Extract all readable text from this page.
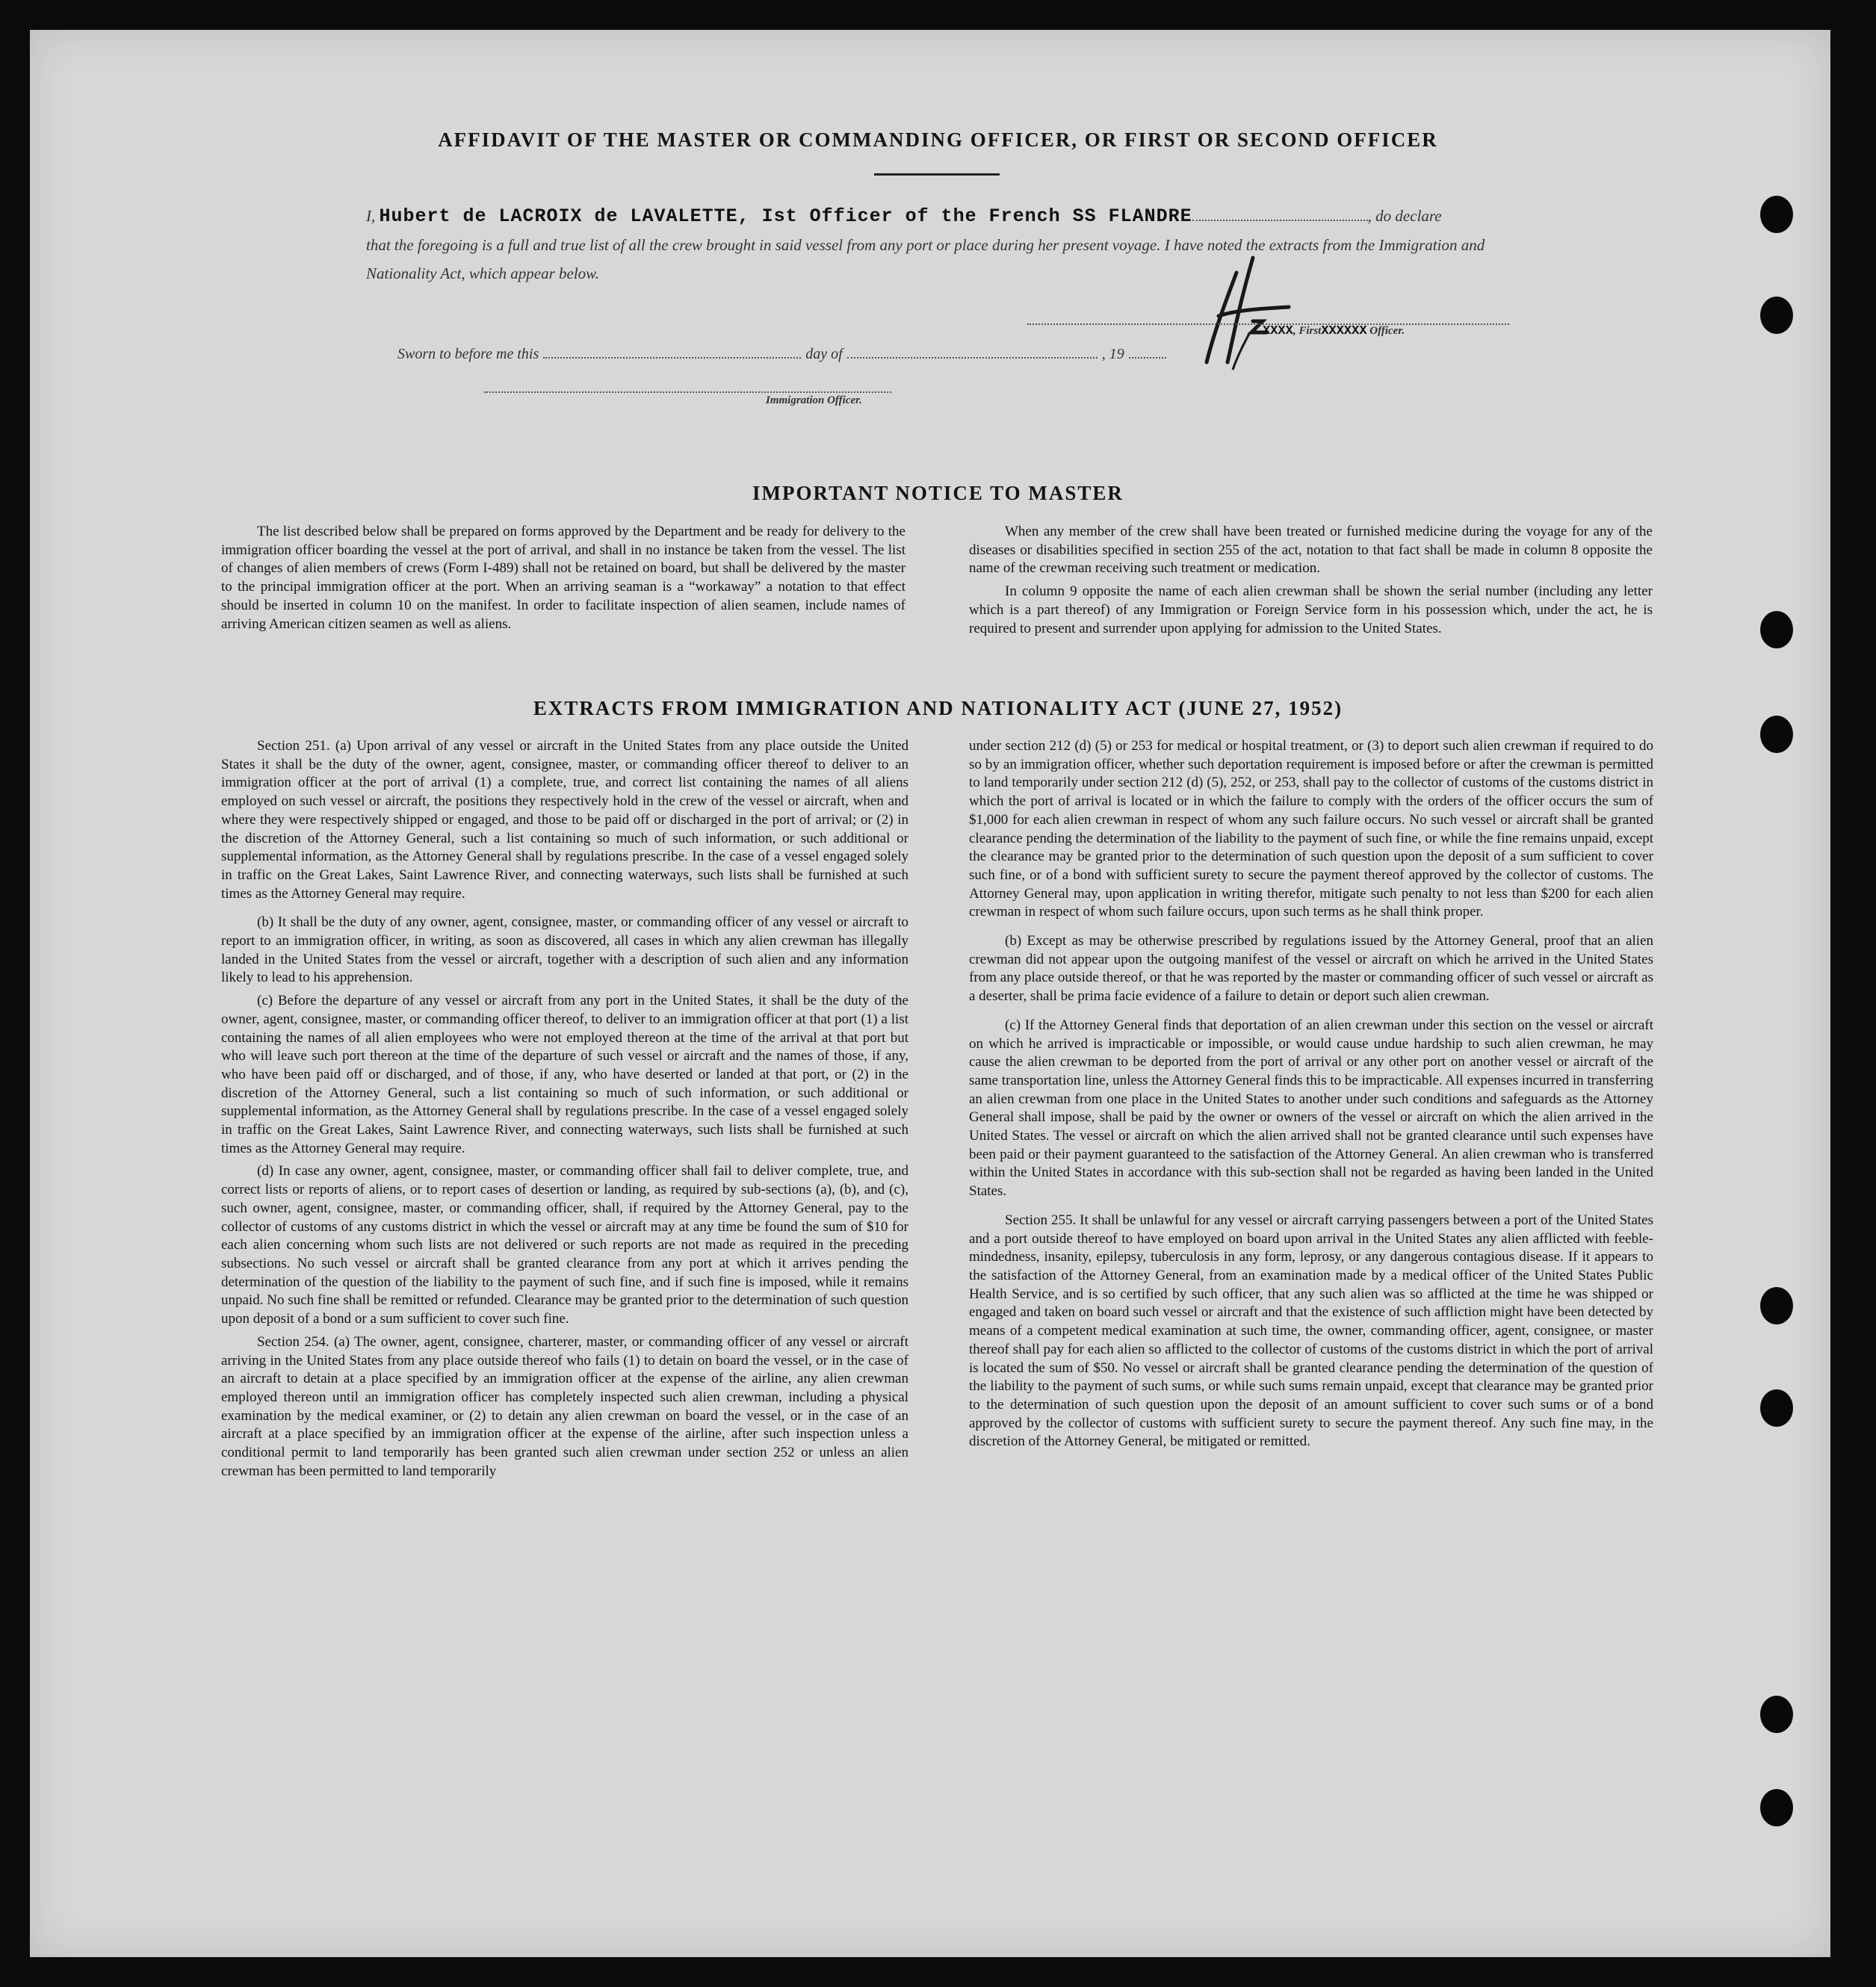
AFFIDAVIT OF THE MASTER OR COMMANDING OFFICER, OR FIRST OR SECOND OFFICER
I, Hubert de LACROIX de LAVALETTE, Ist Officer of the French SS FLANDRE	, do declare
that the foregoing is a full and true list of all the crew brought in said vessel from any port or place during her present voyage. I have noted the extracts from the Immigration and Nationality Act, which appear below.
XXXX, FirstXXXXXX Officer.
Sworn to before me this	day of	, 19
Immigration Officer.
IMPORTANT NOTICE TO MASTER

The list described below shall be prepared on forms approved by the Department and be ready for delivery to the immigration officer boarding the vessel at the port of arrival, and shall in no instance be taken from the vessel. The list of changes of alien members of crews (Form I-489) shall not be retained on board, but shall be delivered by the master to the principal immigration officer at the port. When an arriving seaman is a “workaway” a notation to that effect should be inserted in column 10 on the manifest. In order to facilitate inspection of alien seamen, include names of arriving American citizen seamen as well as aliens.

When any member of the crew shall have been treated or furnished medicine during the voyage for any of the diseases or disabilities specified in section 255 of the act, notation to that fact shall be made in column 8 opposite the name of the crewman receiving such treatment or medication.

In column 9 opposite the name of each alien crewman shall be shown the serial number (including any letter which is a part thereof) of any Immigration or Foreign Service form in his possession which, under the act, he is required to present and surrender upon applying for admission to the United States.

EXTRACTS FROM IMMIGRATION AND NATIONALITY ACT (JUNE 27, 1952)

Section 251. (a) Upon arrival of any vessel or aircraft in the United States from any place outside the United States it shall be the duty of the owner, agent, consignee, master, or commanding officer thereof to deliver to an immigration officer at the port of arrival (1) a complete, true, and correct list containing the names of all aliens employed on such vessel or aircraft, the positions they respectively hold in the crew of the vessel or aircraft, when and where they were respectively shipped or engaged, and those to be paid off or discharged in the port of arrival; or (2) in the discretion of the Attorney General, such a list containing so much of such information, or such additional or supplemental information, as the Attorney General shall by regulations prescribe. In the case of a vessel engaged solely in traffic on the Great Lakes, Saint Lawrence River, and connecting waterways, such lists shall be furnished at such times as the Attorney General may require.

(b) It shall be the duty of any owner, agent, consignee, master, or commanding officer of any vessel or aircraft to report to an immigration officer, in writing, as soon as discovered, all cases in which any alien crewman has illegally landed in the United States from the vessel or aircraft, together with a description of such alien and any information likely to lead to his apprehension.

(c) Before the departure of any vessel or aircraft from any port in the United States, it shall be the duty of the owner, agent, consignee, master, or commanding officer thereof, to deliver to an immigration officer at that port (1) a list containing the names of all alien employees who were not employed thereon at the time of the arrival at that port but who will leave such port thereon at the time of the departure of such vessel or aircraft and the names of those, if any, who have been paid off or discharged, and of those, if any, who have deserted or landed at that port, or (2) in the discretion of the Attorney General, such a list containing so much of such information, or such additional or supplemental information, as the Attorney General shall by regulations prescribe. In the case of a vessel engaged solely in traffic on the Great Lakes, Saint Lawrence River, and connecting waterways, such lists shall be furnished at such times as the Attorney General may require.

(d) In case any owner, agent, consignee, master, or commanding officer shall fail to deliver complete, true, and correct lists or reports of aliens, or to report cases of desertion or landing, as required by sub-sections (a), (b), and (c), such owner, agent, consignee, master, or commanding officer, shall, if required by the Attorney General, pay to the collector of customs of any customs district in which the vessel or aircraft may at any time be found the sum of $10 for each alien concerning whom such lists are not delivered or such reports are not made as required in the preceding subsections. No such vessel or aircraft shall be granted clearance from any port at which it arrives pending the determination of the question of the liability to the payment of such fine, and if such fine is imposed, while it remains unpaid. No such fine shall be remitted or refunded. Clearance may be granted prior to the determination of such question upon deposit of a bond or a sum sufficient to cover such fine.

Section 254. (a) The owner, agent, consignee, charterer, master, or commanding officer of any vessel or aircraft arriving in the United States from any place outside thereof who fails (1) to detain on board the vessel, or in the case of an aircraft to detain at a place specified by an immigration officer at the expense of the airline, any alien crewman employed thereon until an immigration officer has completely inspected such alien crewman, including a physical examination by the medical examiner, or (2) to detain any alien crewman on board the vessel, or in the case of an aircraft at a place specified by an immigration officer at the expense of the airline, after such inspection unless a conditional permit to land temporarily has been granted such alien crewman under section 252 or unless an alien crewman has been permitted to land temporarily

under section 212 (d) (5) or 253 for medical or hospital treatment, or (3) to deport such alien crewman if required to do so by an immigration officer, whether such deportation requirement is imposed before or after the crewman is permitted to land temporarily under section 212 (d) (5), 252, or 253, shall pay to the collector of customs of the customs district in which the port of arrival is located or in which the failure to comply with the orders of the officer occurs the sum of $1,000 for each alien crewman in respect of whom any such failure occurs. No such vessel or aircraft shall be granted clearance pending the determination of the liability to the payment of such fine, or while the fine remains unpaid, except the clearance may be granted prior to the determination of such question upon the deposit of a sum sufficient to cover such fine, or of a bond with sufficient surety to secure the payment thereof approved by the collector of customs. The Attorney General may, upon application in writing therefor, mitigate such penalty to not less than $200 for each alien crewman in respect of whom such failure occurs, upon such terms as he shall think proper.

(b) Except as may be otherwise prescribed by regulations issued by the Attorney General, proof that an alien crewman did not appear upon the outgoing manifest of the vessel or aircraft on which he arrived in the United States from any place outside thereof, or that he was reported by the master or commanding officer of such vessel or aircraft as a deserter, shall be prima facie evidence of a failure to detain or deport such alien crewman.

(c) If the Attorney General finds that deportation of an alien crewman under this section on the vessel or aircraft on which he arrived is impracticable or impossible, or would cause undue hardship to such alien crewman, he may cause the alien crewman to be deported from the port of arrival or any other port on another vessel or aircraft of the same transportation line, unless the Attorney General finds this to be impracticable. All expenses incurred in transferring an alien crewman from one place in the United States to another under such conditions and safeguards as the Attorney General shall impose, shall be paid by the owner or owners of the vessel or aircraft on which the alien arrived in the United States. The vessel or aircraft on which the alien arrived shall not be granted clearance until such expenses have been paid or their payment guaranteed to the satisfaction of the Attorney General. An alien crewman who is transferred within the United States in accordance with this sub-section shall not be regarded as having been landed in the United States.

Section 255. It shall be unlawful for any vessel or aircraft carrying passengers between a port of the United States and a port outside thereof to have employed on board upon arrival in the United States any alien afflicted with feeble-mindedness, insanity, epilepsy, tuberculosis in any form, leprosy, or any dangerous contagious disease. If it appears to the satisfaction of the Attorney General, from an examination made by a medical officer of the United States Public Health Service, and is so certified by such officer, that any such alien was so afflicted at the time he was shipped or engaged and taken on board such vessel or aircraft and that the existence of such affliction might have been detected by means of a competent medical examination at such time, the owner, commanding officer, agent, consignee, or master thereof shall pay for each alien so afflicted to the collector of customs of the customs district in which the port of arrival is located the sum of $50. No vessel or aircraft shall be granted clearance pending the determination of the question of the liability to the payment of such sums, or while such sums remain unpaid, except that clearance may be granted prior to the determination of such question upon the deposit of an amount sufficient to cover such sums or of a bond approved by the collector of customs with sufficient surety to secure the payment thereof. Any such fine may, in the discretion of the Attorney General, be mitigated or remitted.
